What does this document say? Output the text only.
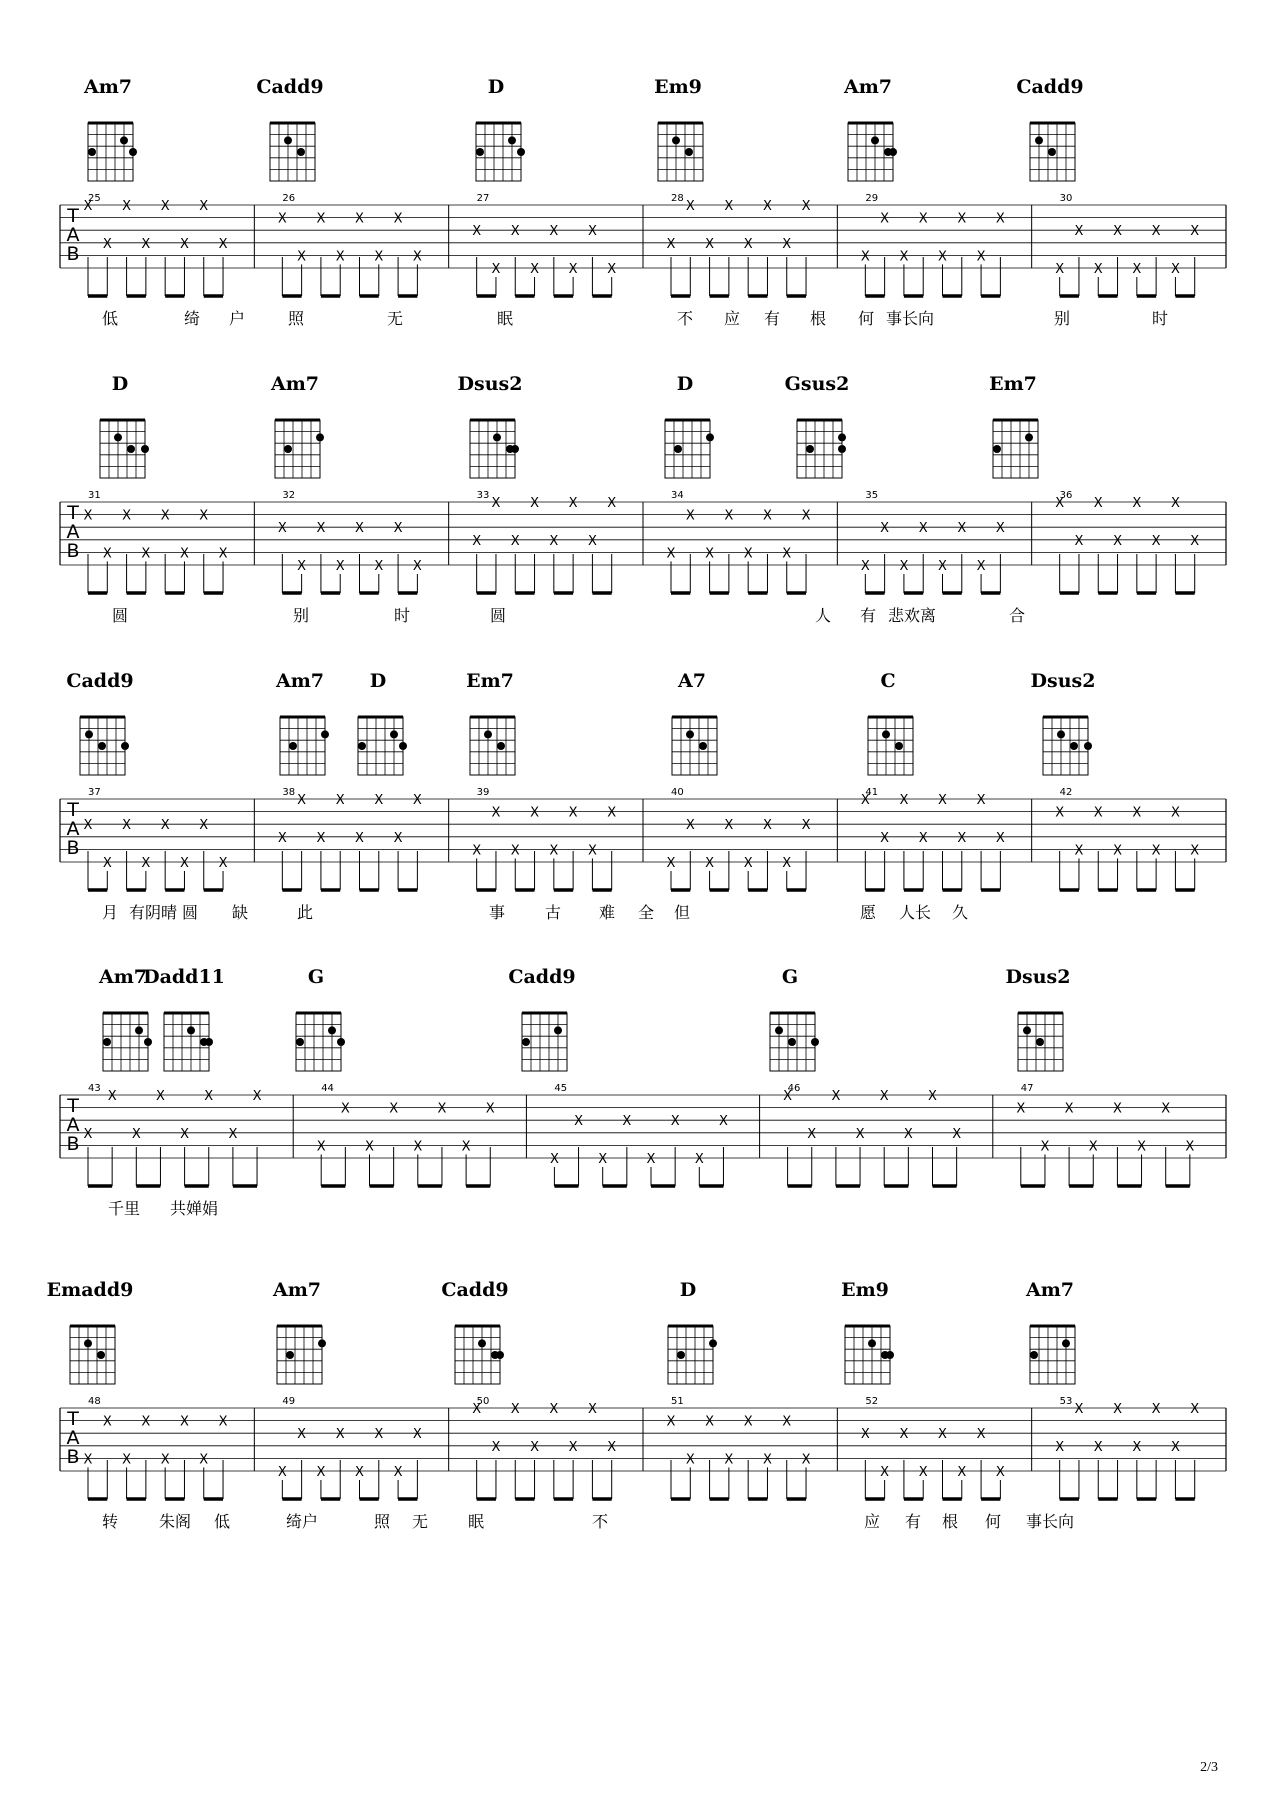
Am7	Cadd9	D	Em9	Am7	Cadd9
T
A
B
25
X
X
X
X
X
X
X
X
26
X
X
X
X
X
X
X
X
27
X
X
X
X
X
X
X
X
28
X
X
X
X
X
X
X
X
29
X
X
X
X
X
X
X
X
30
X
X
X
X
X
X
X
X
低	绮 户	照	无	眠	不 应 有 根 何 事长向	别	时
D	Am7	Dsus2	D	Gsus2	Em7
T
A
B
31
X
X
X
X
X
X
X
X
32
X
X
X
X
X
X
X
X
33
X
X
X
X
X
X
X
X
34
X
X
X
X
X
X
X
X
35
X
X
X
X
X
X
X
X
36
X
X
X
X
X
X
X
X
圆	别	时	圆	人 有 悲欢离	合
Cadd9	Am7 D	Em7	A7	C	Dsus2
T
A
B
37
X
X
X
X
X
X
X
X
38
X
X
X
X
X
X
X
X
39
X
X
X
X
X
X
X
X
40
X
X
X
X
X
X
X
X
41
X
X
X
X
X
X
X
X
42
X
X
X
X
X
X
X
X
月 有阴晴 圆 缺	此	事 古 难 全 但	愿 人长 久
Am7
Dadd11	G	Cadd9	G	Dsus2
T
A
B
43
X
X
X
X
X
X
X
X
44
X
X
X
X
X
X
X
X
45
X
X
X
X
X
X
X
X
46
X
X
X
X
X
X
X
X
47
X
X
X
X
X
X
X
X
千里 共婵娟
Emadd9	Am7	Cadd9	D	Em9	Am7
T
A
B
48
X
X
X
X
X
X
X
X
49
X
X
X
X
X
X
X
X
50
X
X
X
X
X
X
X
X
51
X
X
X
X
X
X
X
X
52
X
X
X
X
X
X
X
X
53
X
X
X
X
X
X
X
X
转	朱阁 低	绮户	照 无 眠	不	应 有 根 何 事长向
2/3
